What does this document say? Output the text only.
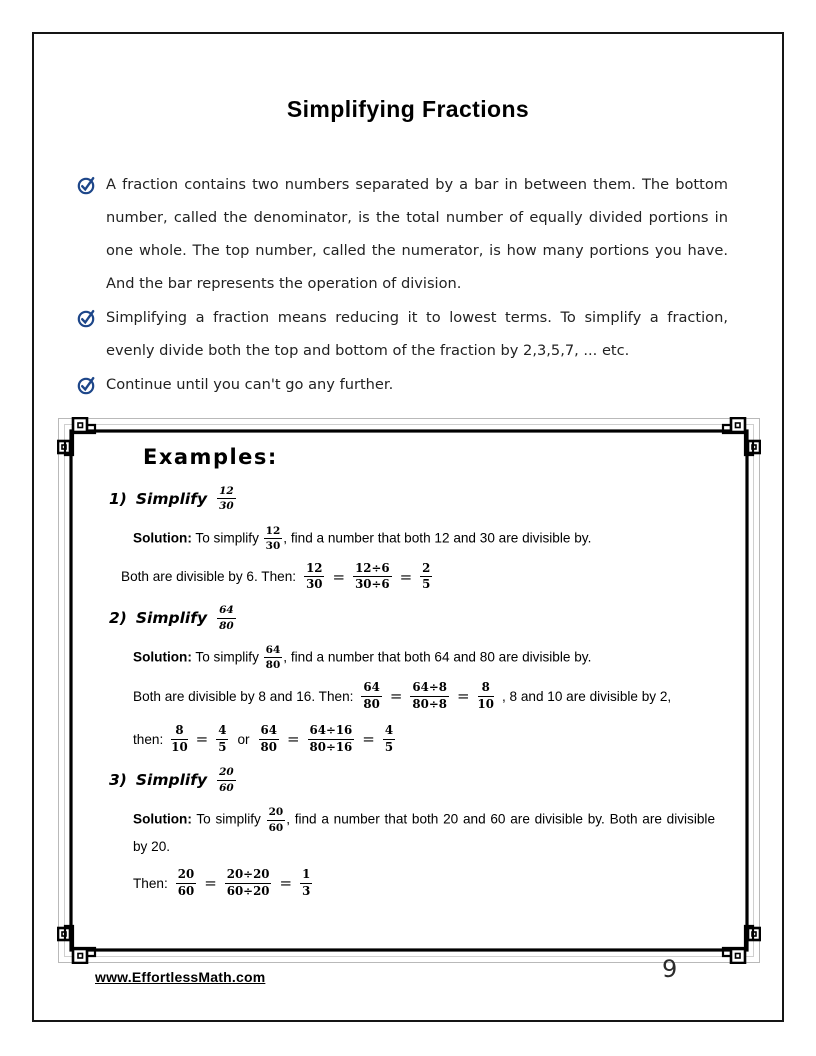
Simplifying Fractions

A fraction contains two numbers separated by a bar in between them. The bottom number, called the denominator, is the total number of equally divided portions in one whole. The top number, called the numerator, is how many portions you have. And the bar represents the operation of division.

Simplifying a fraction means reducing it to lowest terms. To simplify a fraction, evenly divide both the top and bottom of the fraction by 2,3,5,7, ... etc.

Continue until you can't go any further.

Examples:
1) Simplify $\frac{12}{30}$

Solution: To simplify $\frac{12}{30}$ , find a number that both 12 and 30 are divisible by.

Both are divisible by 6. Then: $\frac{12}{30} = \frac{12\div 6}{30\div 6} = \frac{2}{5}$
2) Simplify $\frac{64}{80}$

Solution: To simplify $\frac{64}{80}$ , find a number that both 64 and 80 are divisible by.

Both are divisible by 8 and 16. Then: $\frac{64}{80} = \frac{64\div 8}{80\div 8} = \frac{8}{10}$ , 8 and 10 are divisible by 2,
then: $\frac{8}{10} = \frac{4}{5}$ or $\frac{64}{80} = \frac{64\div 16}{80\div 16} = \frac{4}{5}$
3) Simplify $\frac{20}{60}$

Solution: To simplify $\frac{20}{60}$ , find a number that both 20 and 60 are divisible by. Both are divisible by 20.

Then: $\frac{20}{60} = \frac{20\div 20}{60\div 20} = \frac{1}{3}$
www.EffortlessMath.com	9
